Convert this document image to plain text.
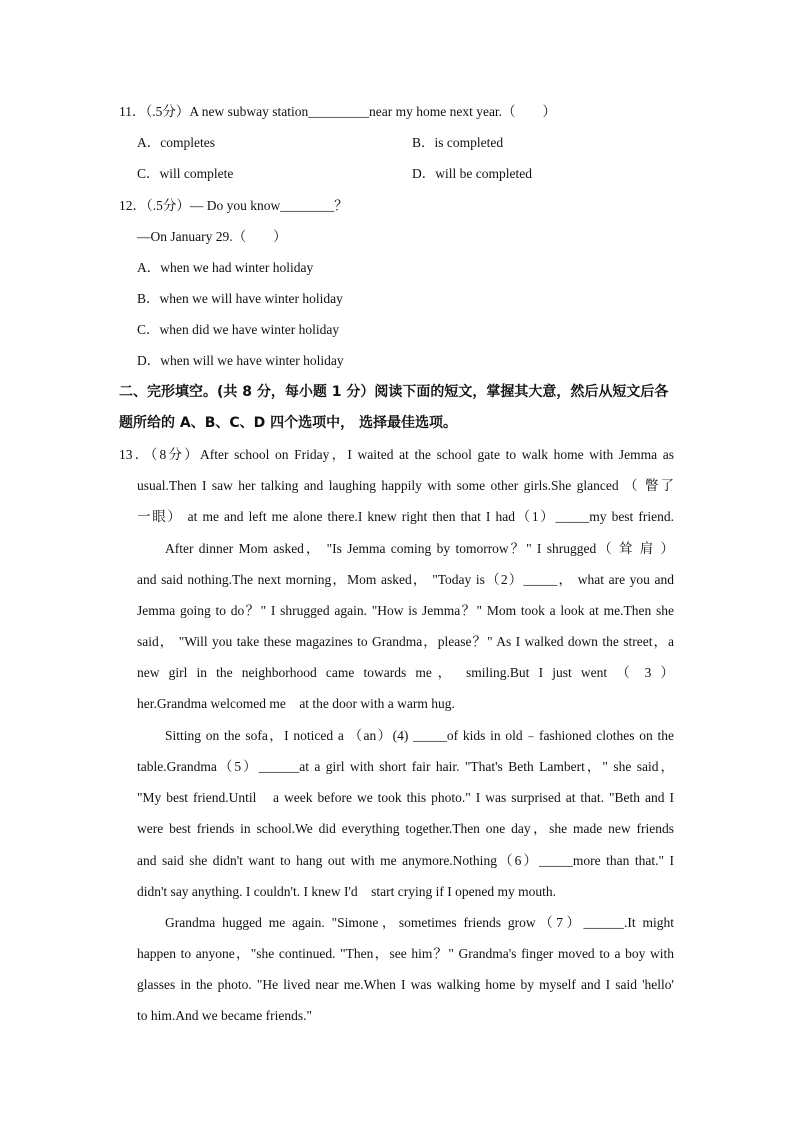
11．（.5分）A new subway station_________near my home next year.（　　）
A．completes	B．is completed
C．will complete	D．will be completed
12．（.5分）— Do you know________？
—On January 29.（　　）
A．when we had winter holiday
B．when we will have winter holiday
C．when did we have winter holiday
D．when will we have winter holiday
二、完形填空。(共 8 分，每小题 1 分）阅读下面的短文，掌握其大意，然后从短文后各
题所给的 A、B、C、D 四个选项中， 选择最佳选项。
13．（8分）After school on Friday，I waited at the school gate to walk home with Jemma as
usual.Then I saw her talking and laughing happily with some other girls.She glanced （ 瞥了
一眼） at me and left me alone there.I knew right then that I had（1）_____my best friend.
After dinner Mom asked， "Is Jemma coming by tomorrow？" I shrugged（ 耸 肩 ）
and said nothing.The next morning，Mom asked， "Today is（2）_____， what are you and
Jemma going to do？" I shrugged again. "How is Jemma？" Mom took a look at me.Then she
said， "Will you take these magazines to Grandma，please？" As I walked down the street，a
new girl in the neighborhood came towards me， smiling.But I just went （ 3 ）
her.Grandma welcomed me　at the door with a warm hug.
Sitting on the sofa，I noticed a （an）(4) _____of kids in old﹣fashioned clothes on the
table.Grandma（5）______at a girl with short fair hair. "That's Beth Lambert，" she said，
"My best friend.Until　a week before we took this photo." I was surprised at that. "Beth and I
were best friends in school.We did everything together.Then one day，she made new friends
and said she didn't want to hang out with me anymore.Nothing（6）_____more than that." I
didn't say anything. I couldn't. I knew I'd　start crying if I opened my mouth.
Grandma hugged me again. "Simone，sometimes friends grow（7）______.It might
happen to anyone，"she continued. "Then，see him？" Grandma's finger moved to a boy with
glasses in the photo. "He lived near me.When I was walking home by myself and I said 'hello'
to him.And we became friends."
